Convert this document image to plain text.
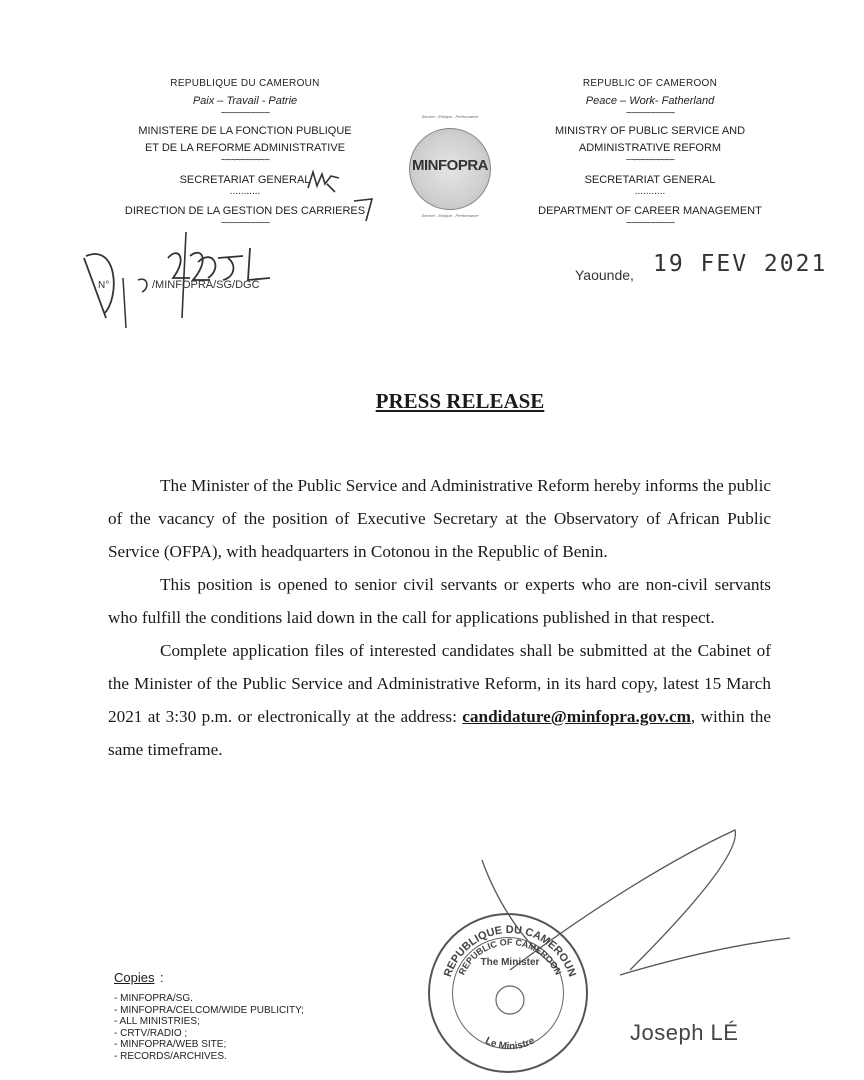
REPUBLIQUE DU CAMEROUN
Paix – Travail - Patrie
~~~~~~~~~~
MINISTERE DE LA FONCTION PUBLIQUE
ET DE LA REFORME ADMINISTRATIVE
~~~~~~~~~~
SECRETARIAT GENERAL
...........
DIRECTION DE LA GESTION DES CARRIERES
~~~~~~~~~~
REPUBLIC OF CAMEROON
Peace – Work- Fatherland
~~~~~~~~~~
MINISTRY OF PUBLIC SERVICE AND
ADMINISTRATIVE REFORM
~~~~~~~~~~
SECRETARIAT GENERAL
...........
DEPARTMENT OF CAREER MANAGEMENT
~~~~~~~~~~
Service - Ethique - Performance
MINFOPRA
Service - Ethique - Performance
N°	/MINFOPRA/SG/DGC
Yaounde, 19 FEV 2021
PRESS RELEASE

The Minister of the Public Service and Administrative Reform hereby informs the public of the vacancy of the position of Executive Secretary at the Observatory of African Public Service (OFPA), with headquarters in Cotonou in the Republic of Benin.

This position is opened to senior civil servants or experts who are non-civil servants who fulfill the conditions laid down in the call for applications published in that respect.

Complete application files of interested candidates shall be submitted at the Cabinet of the Minister of the Public Service and Administrative Reform, in its hard copy, latest 15 March 2021 at 3:30 p.m. or electronically at the address: candidature@minfopra.gov.cm, within the same timeframe.

Copies :
- MINFOPRA/SG.
- MINFOPRA/CELCOM/WIDE PUBLICITY;
- ALL MINISTRIES;
- CRTV/RADIO ;
- MINFOPRA/WEB SITE;
- RECORDS/ARCHIVES.
REPUBLIQUE DU CAMEROUN
REPUBLIC OF CAMEROON
The Minister
Le Ministre	Joseph LÉ
